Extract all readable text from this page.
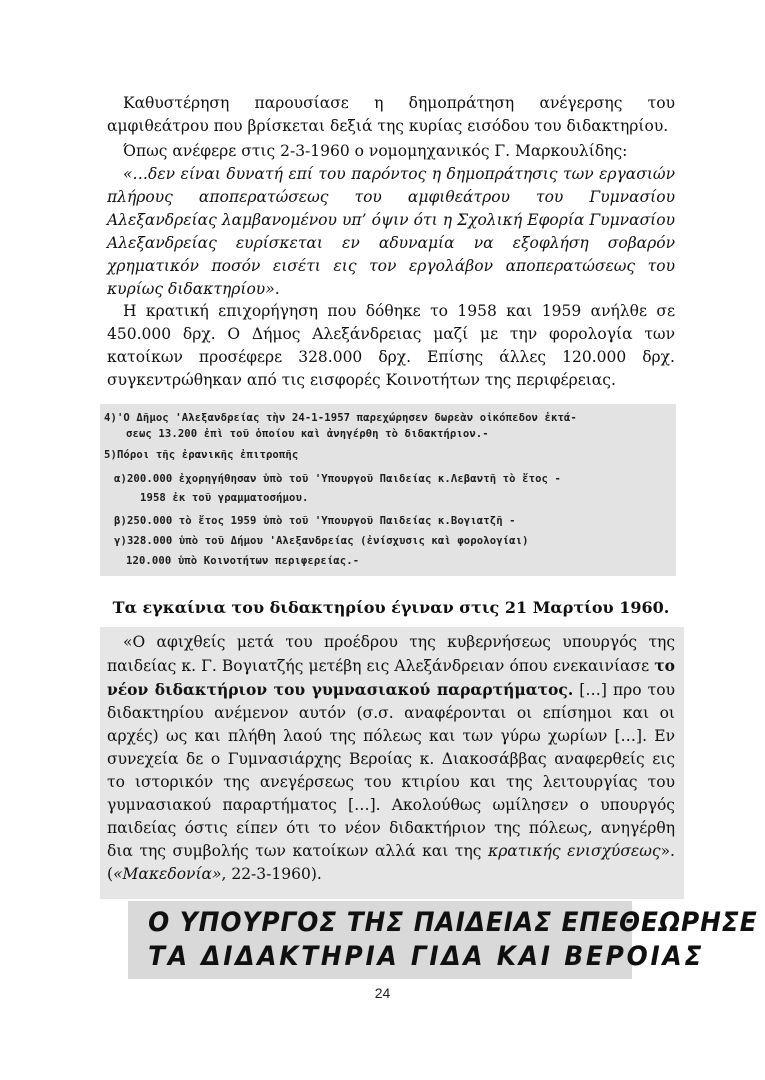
Καθυστέρηση παρουσίασε η δημοπράτηση ανέγερσης του αμφιθεάτρου που βρίσκεται δεξιά της κυρίας εισόδου του διδακτηρίου.

Όπως ανέφερε στις 2-3-1960 ο νομομηχανικός Γ. Μαρκουλίδης:

«…δεν είναι δυνατή επί του παρόντος η δημοπράτησις των εργασιών πλήρους αποπερατώσεως του αμφιθεάτρου του Γυμνασίου Αλεξανδρείας λαμβανομένου υπ’ όψιν ότι η Σχολική Εφορία Γυμνασίου Αλεξανδρείας ευρίσκεται εν αδυναμία να εξοφλήση σοβαρόν χρηματικόν ποσόν εισέτι εις τον εργολάβον αποπερατώσεως του κυρίως διδακτηρίου».

Η κρατική επιχορήγηση που δόθηκε το 1958 και 1959 ανήλθε σε 450.000 δρχ. Ο Δήμος Αλεξάνδρειας μαζί με την φορολογία των κατοίκων προσέφερε 328.000 δρχ. Επίσης άλλες 120.000 δρχ. συγκεντρώθηκαν από τις εισφορές Κοινοτήτων της περιφέρειας.

4)'Ο Δῆμος 'Αλεξανδρείας τὴν 24-1-1957 παρεχώρησεν δωρεὰν οἰκόπεδον ἐκτά-
σεως 13.200 ἐπὶ τοῦ ὁποίου καὶ ἀνηγέρθη τὸ διδακτήριον.-
5)Πόροι τῆς ἐρανικῆς ἐπιτροπῆς
α)200.000 ἐχορηγήθησαν ὑπὸ τοῦ 'Υπουργοῦ Παιδείας κ.Λεβαντῆ τὸ ἔτος -
1958 ἐκ τοῦ γραμματοσήμου.
β)250.000 τὸ ἔτος 1959 ὑπὸ τοῦ 'Υπουργοῦ Παιδείας κ.Βογιατζῆ -
γ)328.000 ὑπὸ τοῦ Δήμου 'Αλεξανδρείας (ἐνίσχυσις καὶ φορολογίαι)
120.000 ὑπὸ Κοινοτήτων περιφερείας.-
Τα εγκαίνια του διδακτηρίου έγιναν στις 21 Μαρτίου 1960.

«Ο αφιχθείς μετά του προέδρου της κυβερνήσεως υπουργός της παιδείας κ. Γ. Βογιατζής μετέβη εις Αλεξάνδρειαν όπου ενεκαινίασε το νέον διδακτήριον του γυμνασιακού παραρτήματος. […] προ του διδακτηρίου ανέμενον αυτόν (σ.σ. αναφέρονται οι επίσημοι και οι αρχές) ως και πλήθη λαού της πόλεως και των γύρω χωρίων […]. Εν συνεχεία δε ο Γυμνασιάρχης Βεροίας κ. Διακοσάββας αναφερθείς εις το ιστορικόν της ανεγέρσεως του κτιρίου και της λειτουργίας του γυμνασιακού παραρτήματος […]. Ακολούθως ωμίλησεν ο υπουργός παιδείας όστις είπεν ότι το νέον διδακτήριον της πόλεως, ανηγέρθη δια της συμβολής των κατοίκων αλλά και της κρατικής ενισχύσεως». («Μακεδονία», 22-3-1960).

Ο ΥΠΟΥΡΓΟΣ ΤΗΣ ΠΑΙΔΕΙΑΣ ΕΠΕΘΕΩΡΗΣΕ
ΤΑ ΔΙΔΑΚΤΗΡΙΑ ΓΙΔΑ ΚΑΙ ΒΕΡΟΙΑΣ
24
